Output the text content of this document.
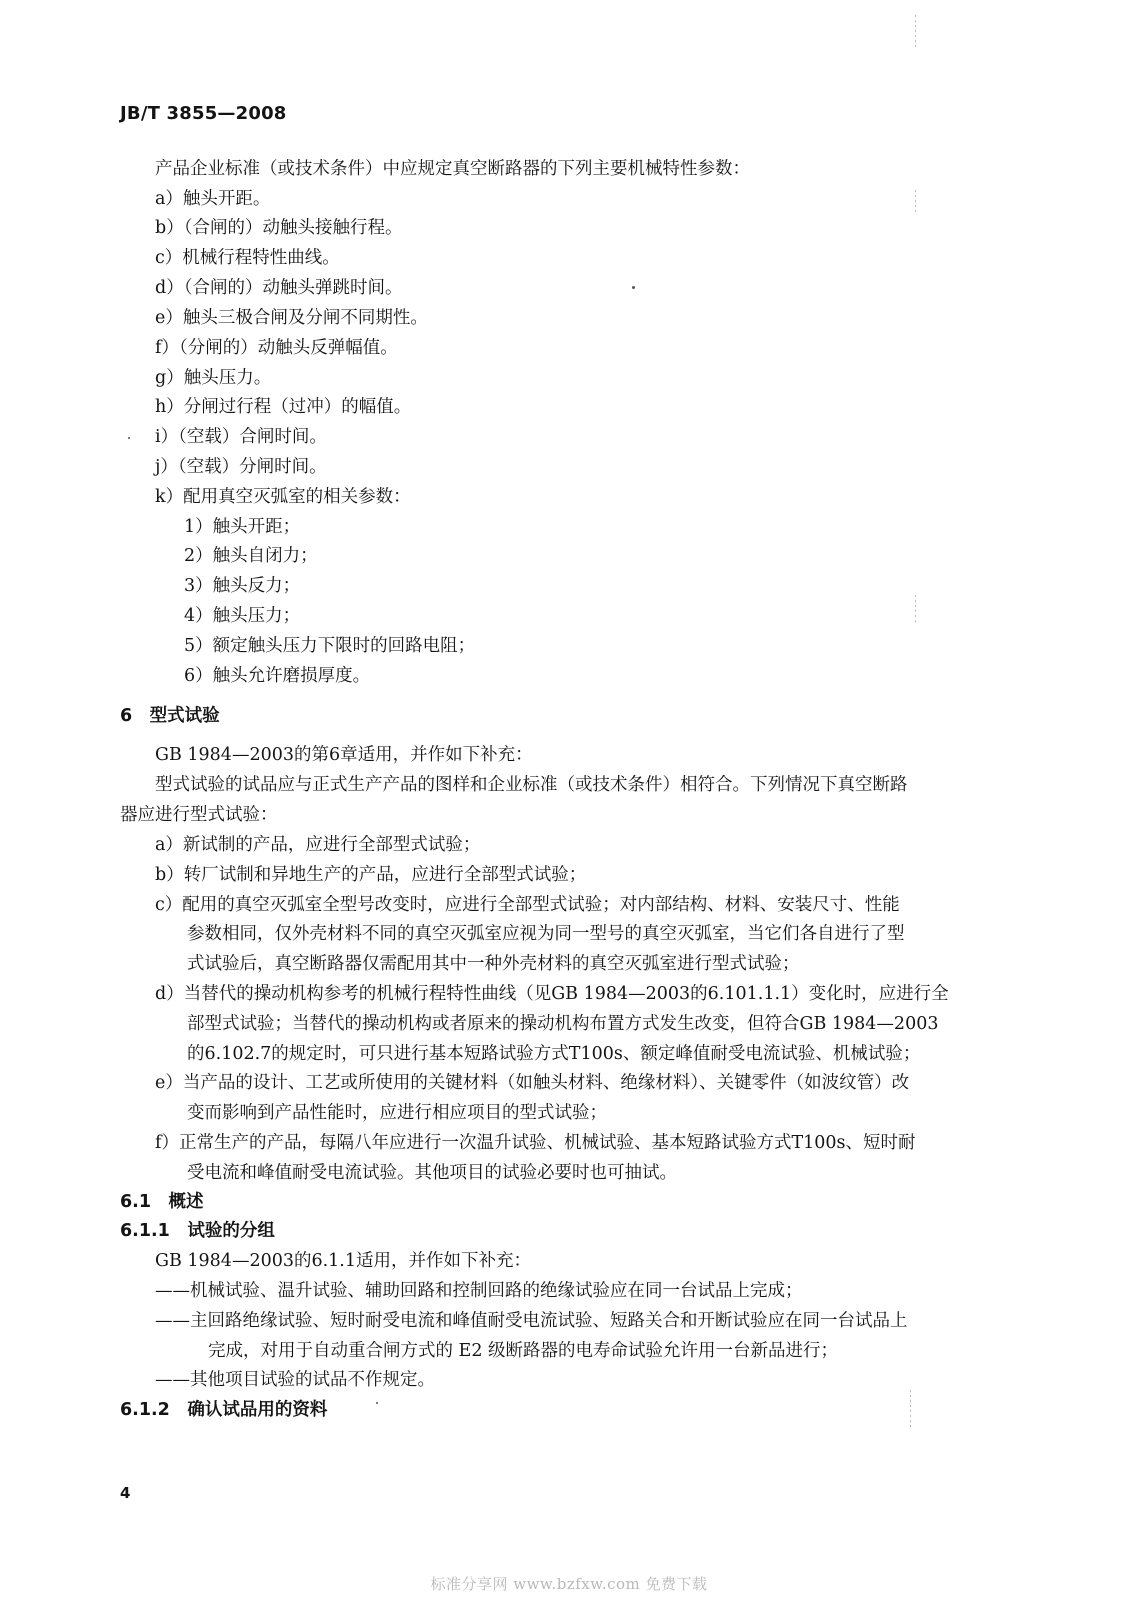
JB/T 3855—2008
产品企业标准（或技术条件）中应规定真空断路器的下列主要机械特性参数：
a）触头开距。
b）（合闸的）动触头接触行程。
c）机械行程特性曲线。
d）（合闸的）动触头弹跳时间。
e）触头三极合闸及分闸不同期性。
f）（分闸的）动触头反弹幅值。
g）触头压力。
h）分闸过行程（过冲）的幅值。
i）（空载）合闸时间。
j）（空载）分闸时间。
k）配用真空灭弧室的相关参数：
1）触头开距；
2）触头自闭力；
3）触头反力；
4）触头压力；
5）额定触头压力下限时的回路电阻；
6）触头允许磨损厚度。
6　型式试验
GB 1984—2003的第6章适用，并作如下补充：
型式试验的试品应与正式生产产品的图样和企业标准（或技术条件）相符合。下列情况下真空断路
器应进行型式试验：
a）新试制的产品，应进行全部型式试验；
b）转厂试制和异地生产的产品，应进行全部型式试验；
c）配用的真空灭弧室全型号改变时，应进行全部型式试验；对内部结构、材料、安装尺寸、性能
参数相同，仅外壳材料不同的真空灭弧室应视为同一型号的真空灭弧室，当它们各自进行了型
式试验后，真空断路器仅需配用其中一种外壳材料的真空灭弧室进行型式试验；
d）当替代的操动机构参考的机械行程特性曲线（见GB 1984—2003的6.101.1.1）变化时，应进行全
部型式试验；当替代的操动机构或者原来的操动机构布置方式发生改变，但符合GB 1984—2003
的6.102.7的规定时，可只进行基本短路试验方式T100s、额定峰值耐受电流试验、机械试验；
e）当产品的设计、工艺或所使用的关键材料（如触头材料、绝缘材料）、关键零件（如波纹管）改
变而影响到产品性能时，应进行相应项目的型式试验；
f）正常生产的产品，每隔八年应进行一次温升试验、机械试验、基本短路试验方式T100s、短时耐
受电流和峰值耐受电流试验。其他项目的试验必要时也可抽试。
6.1　概述
6.1.1　试验的分组
GB 1984—2003的6.1.1适用，并作如下补充：
——机械试验、温升试验、辅助回路和控制回路的绝缘试验应在同一台试品上完成；
——主回路绝缘试验、短时耐受电流和峰值耐受电流试验、短路关合和开断试验应在同一台试品上
完成，对用于自动重合闸方式的 E2 级断路器的电寿命试验允许用一台新品进行；
——其他项目试验的试品不作规定。
6.1.2　确认试品用的资料
4
标准分享网 www.bzfxw.com 免费下载
